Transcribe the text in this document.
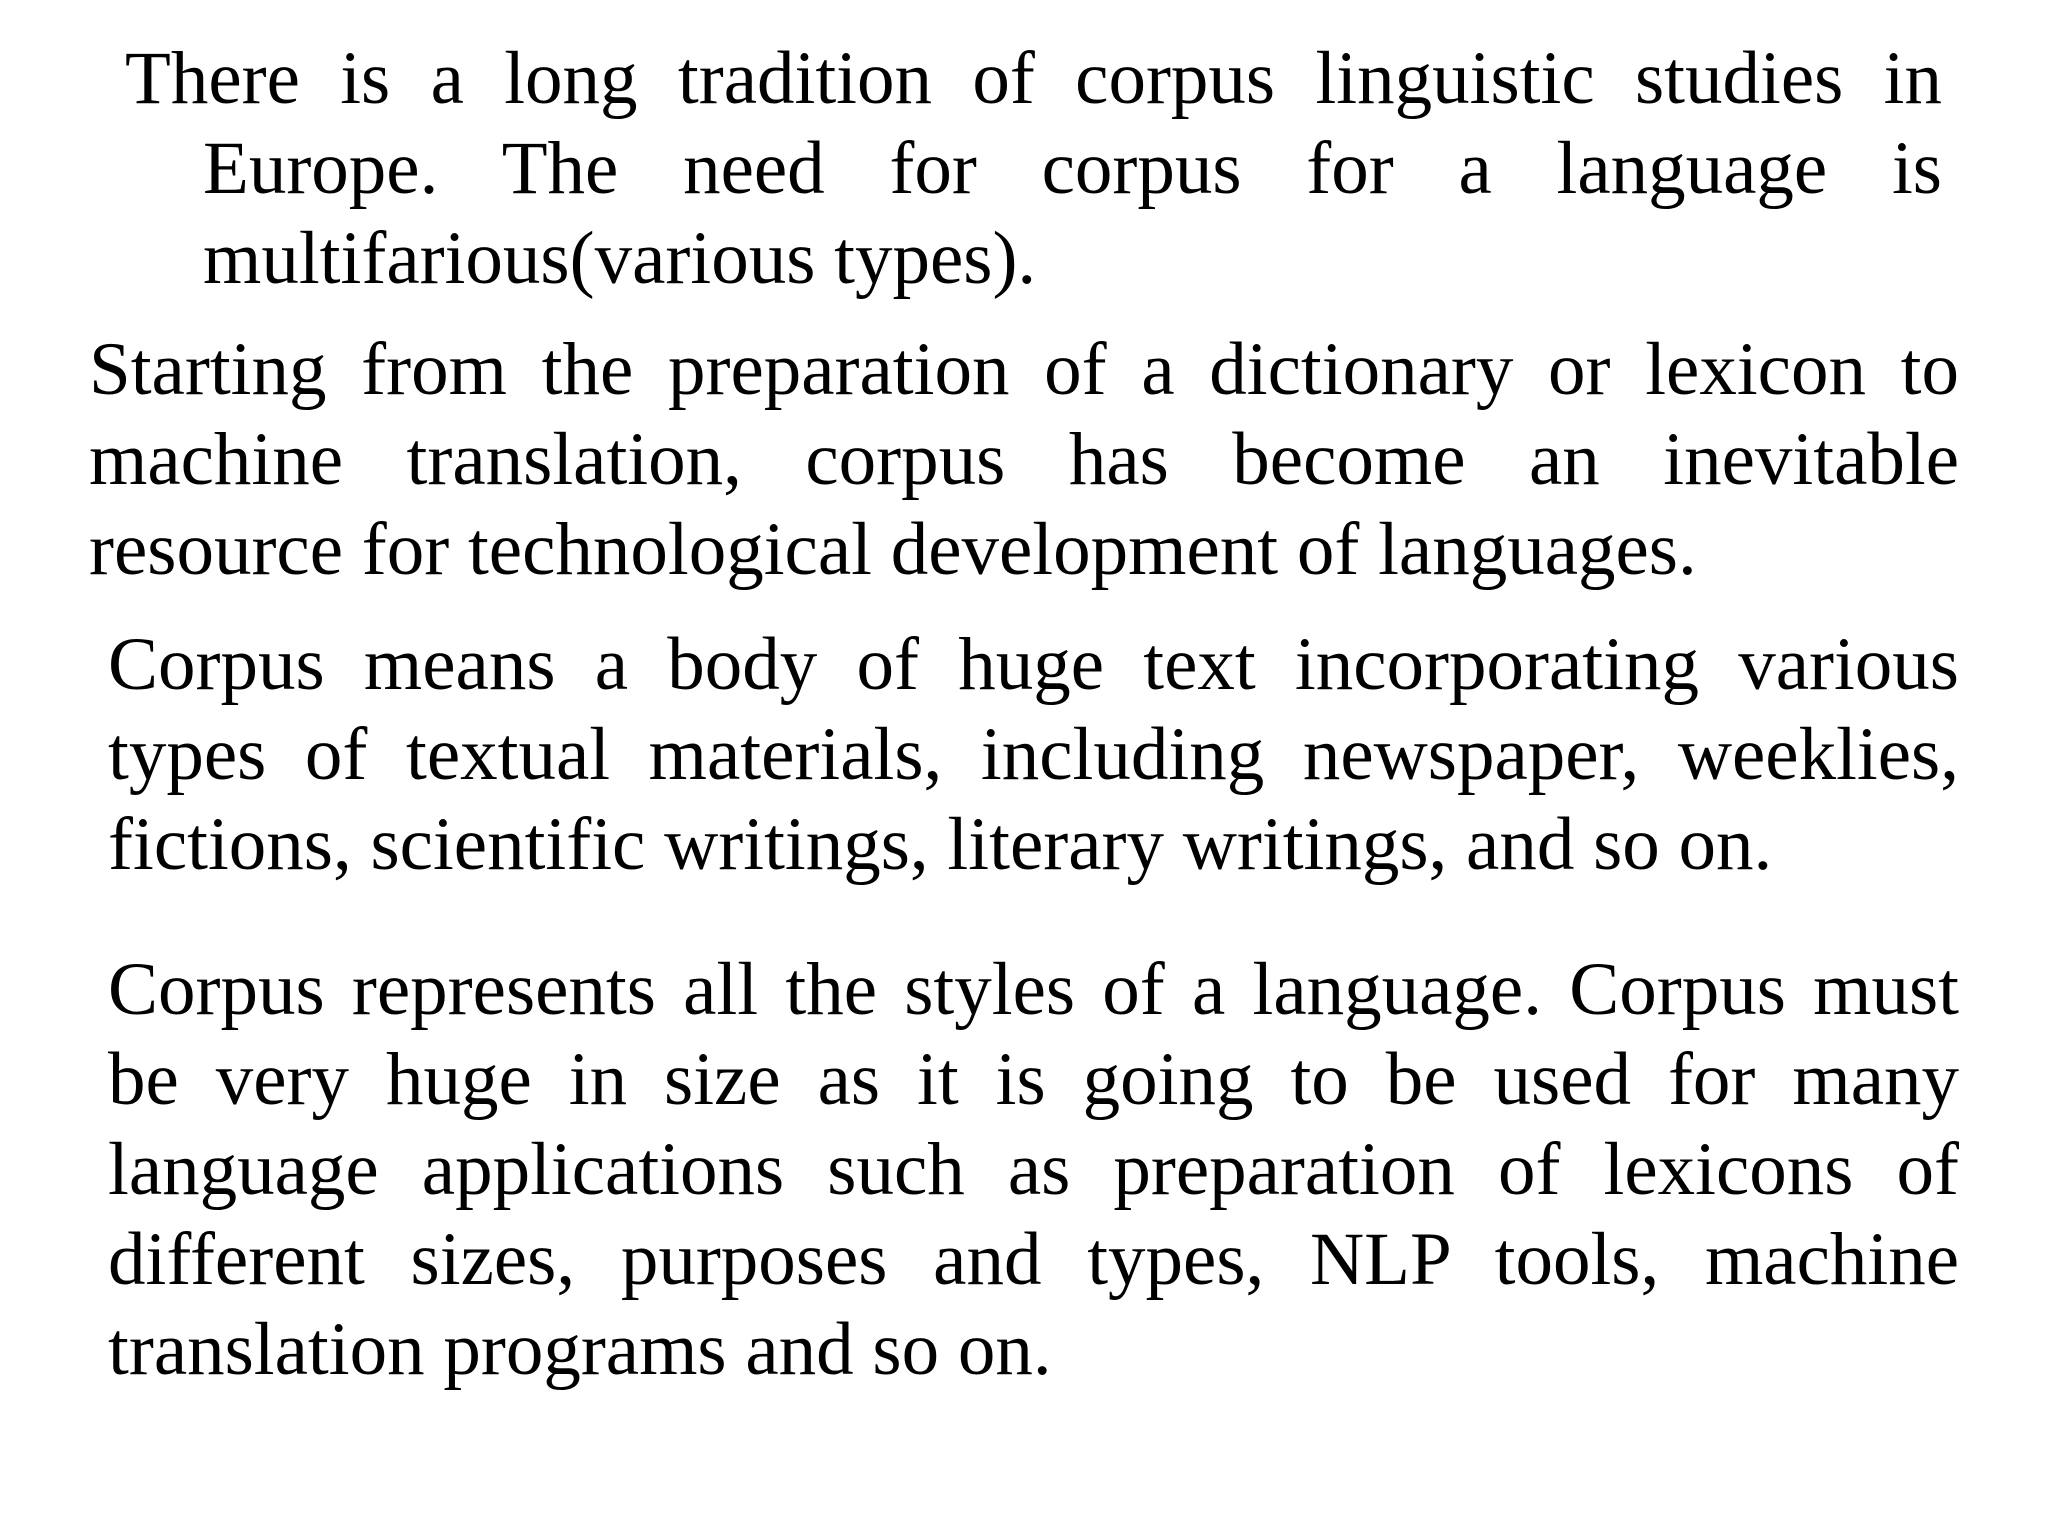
There is a long tradition of corpus linguistic studies in Europe. The need for corpus for a language is multifarious(various types).

Starting from the preparation of a dictionary or lexicon to machine translation, corpus has become an inevitable resource for technological development of languages.

Corpus means a body of huge text incorporating various types of textual materials, including newspaper, weeklies, fictions, scientific writings, literary writings, and so on.

Corpus represents all the styles of a language. Corpus must be very huge in size as it is going to be used for many language applications such as preparation of lexicons of different sizes, purposes and types, NLP tools, machine translation programs and so on.
